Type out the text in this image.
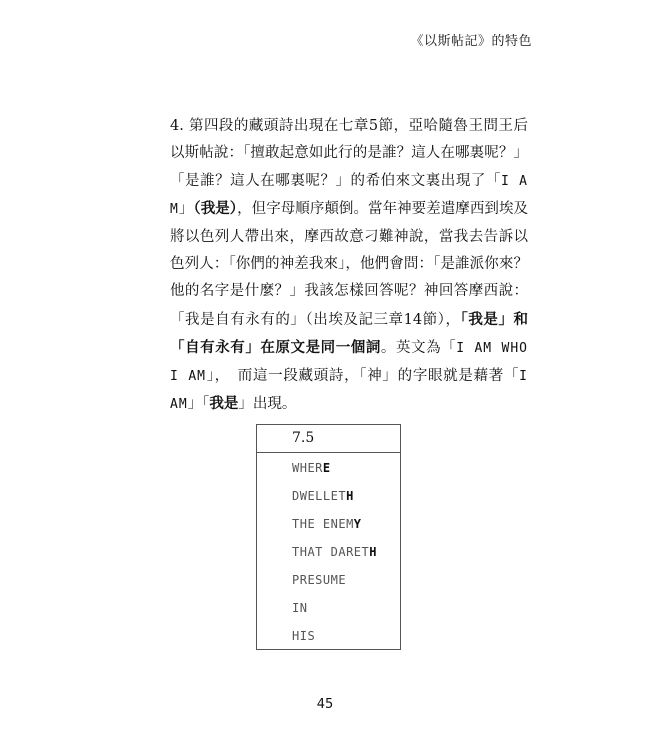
《以斯帖記》的特色
4. 第四段的藏頭詩出現在七章5節，亞哈隨魯王問王后以斯帖說：「擅敢起意如此行的是誰？這人在哪裏呢？」「是誰？這人在哪裏呢？」的希伯來文裏出現了「I AM」（我是），但字母順序顛倒。當年神要差遣摩西到埃及將以色列人帶出來，摩西故意刁難神說，當我去告訴以色列人：「你們的神差我來」，他們會問：「是誰派你來？他的名字是什麼？」我該怎樣回答呢？神回答摩西說：「我是自有永有的」（出埃及記三章14節），「我是」和「自有永有」在原文是同一個詞。英文為「I AM WHO I AM」，　而這一段藏頭詩，「神」的字眼就是藉著「I AM」「我是」出現。
7.5
WHERE
DWELLETH
THE ENEMY
THAT DARETH
PRESUME
IN
HIS
45
